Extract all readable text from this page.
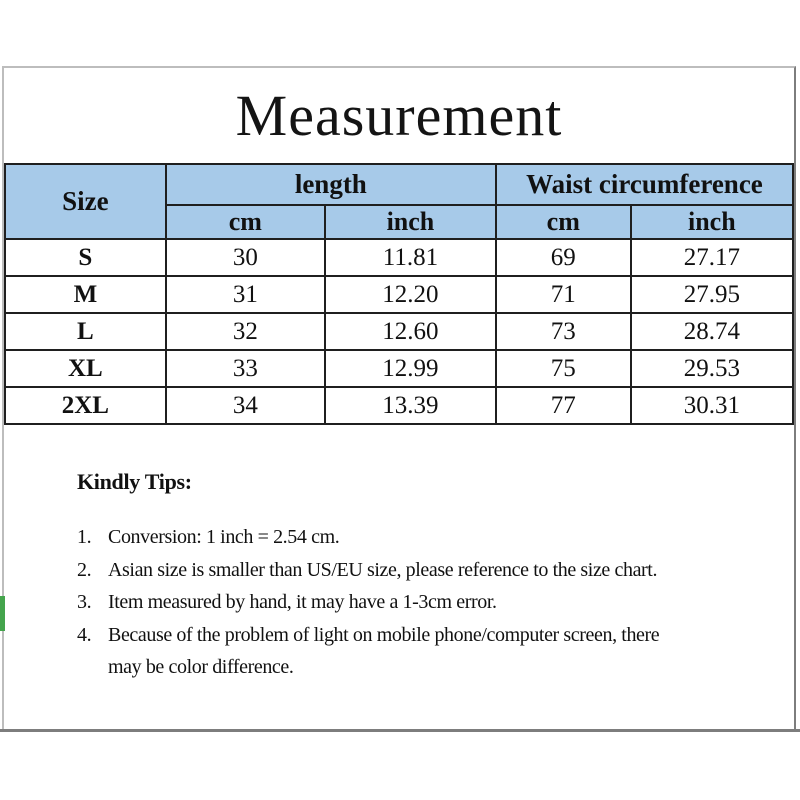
Measurement
Size	length		Waist circumference	
	cm	inch	cm	inch
S	30	11.81	69	27.17
M	31	12.20	71	27.95
L	32	12.60	73	28.74
XL	33	12.99	75	29.53
2XL	34	13.39	77	30.31
Kindly Tips:
1. Conversion: 1 inch = 2.54 cm.
2. Asian size is smaller than US/EU size, please reference to the size chart.
3. Item measured by hand, it may have a 1-3cm error.
4. Because of the problem of light on mobile phone/computer screen, there may be color difference.
